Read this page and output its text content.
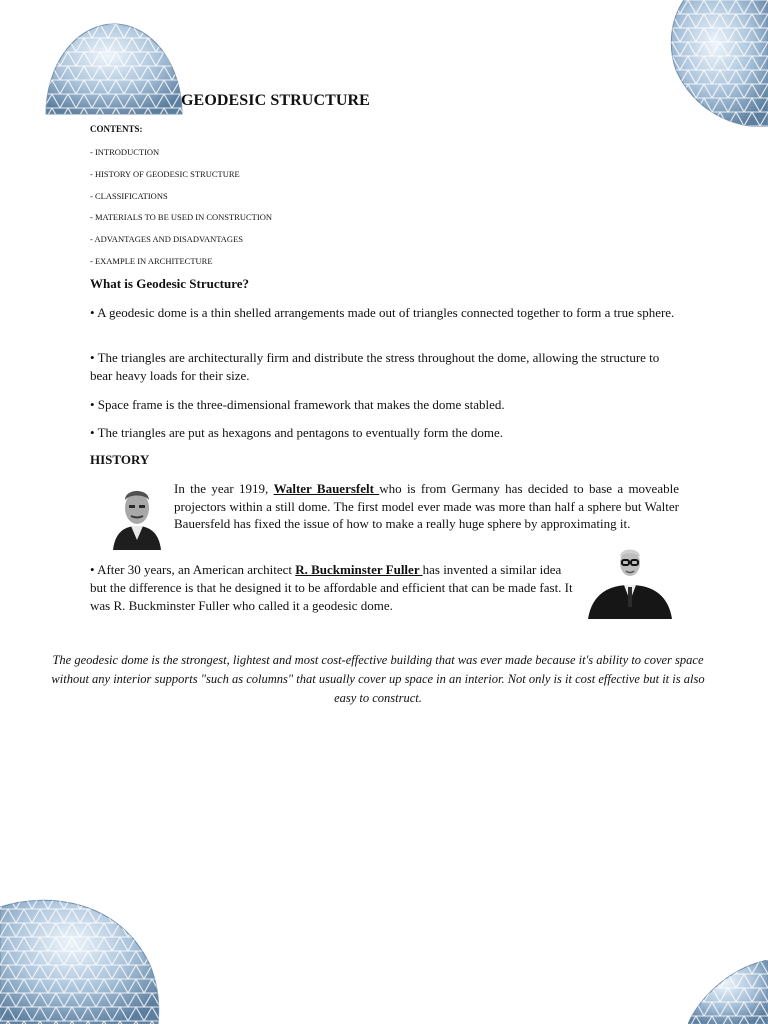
GEODESIC STRUCTURE
CONTENTS:
- INTRODUCTION
- HISTORY OF GEODESIC STRUCTURE
- CLASSIFICATIONS
- MATERIALS TO BE USED IN CONSTRUCTION
- ADVANTAGES AND DISADVANTAGES
- EXAMPLE IN ARCHITECTURE
What is Geodesic Structure?
• A geodesic dome is a thin shelled arrangements made out of triangles connected together to form a true sphere.
• The triangles are architecturally firm and distribute the stress throughout the dome, allowing the structure to bear heavy loads for their size.
• Space frame is the three-dimensional framework that makes the dome stabled.
• The triangles are put as hexagons and pentagons to eventually form the dome.
HISTORY
In the year 1919, Walter Bauersfelt who is from Germany has decided to base a moveable projectors within a still dome. The first model ever made was more than half a sphere but Walter Bauersfeld has fixed the issue of how to make a really huge sphere by approximating it.
• After 30 years, an American architect R. Buckminster Fuller has invented a similar idea but the difference is that he designed it to be affordable and efficient that can be made fast. It was R. Buckminster Fuller who called it a geodesic dome.
The geodesic dome is the strongest, lightest and most cost-effective building that was ever made because it's ability to cover space without any interior supports "such as columns" that usually cover up space in an interior. Not only is it cost effective but it is also easy to construct.
